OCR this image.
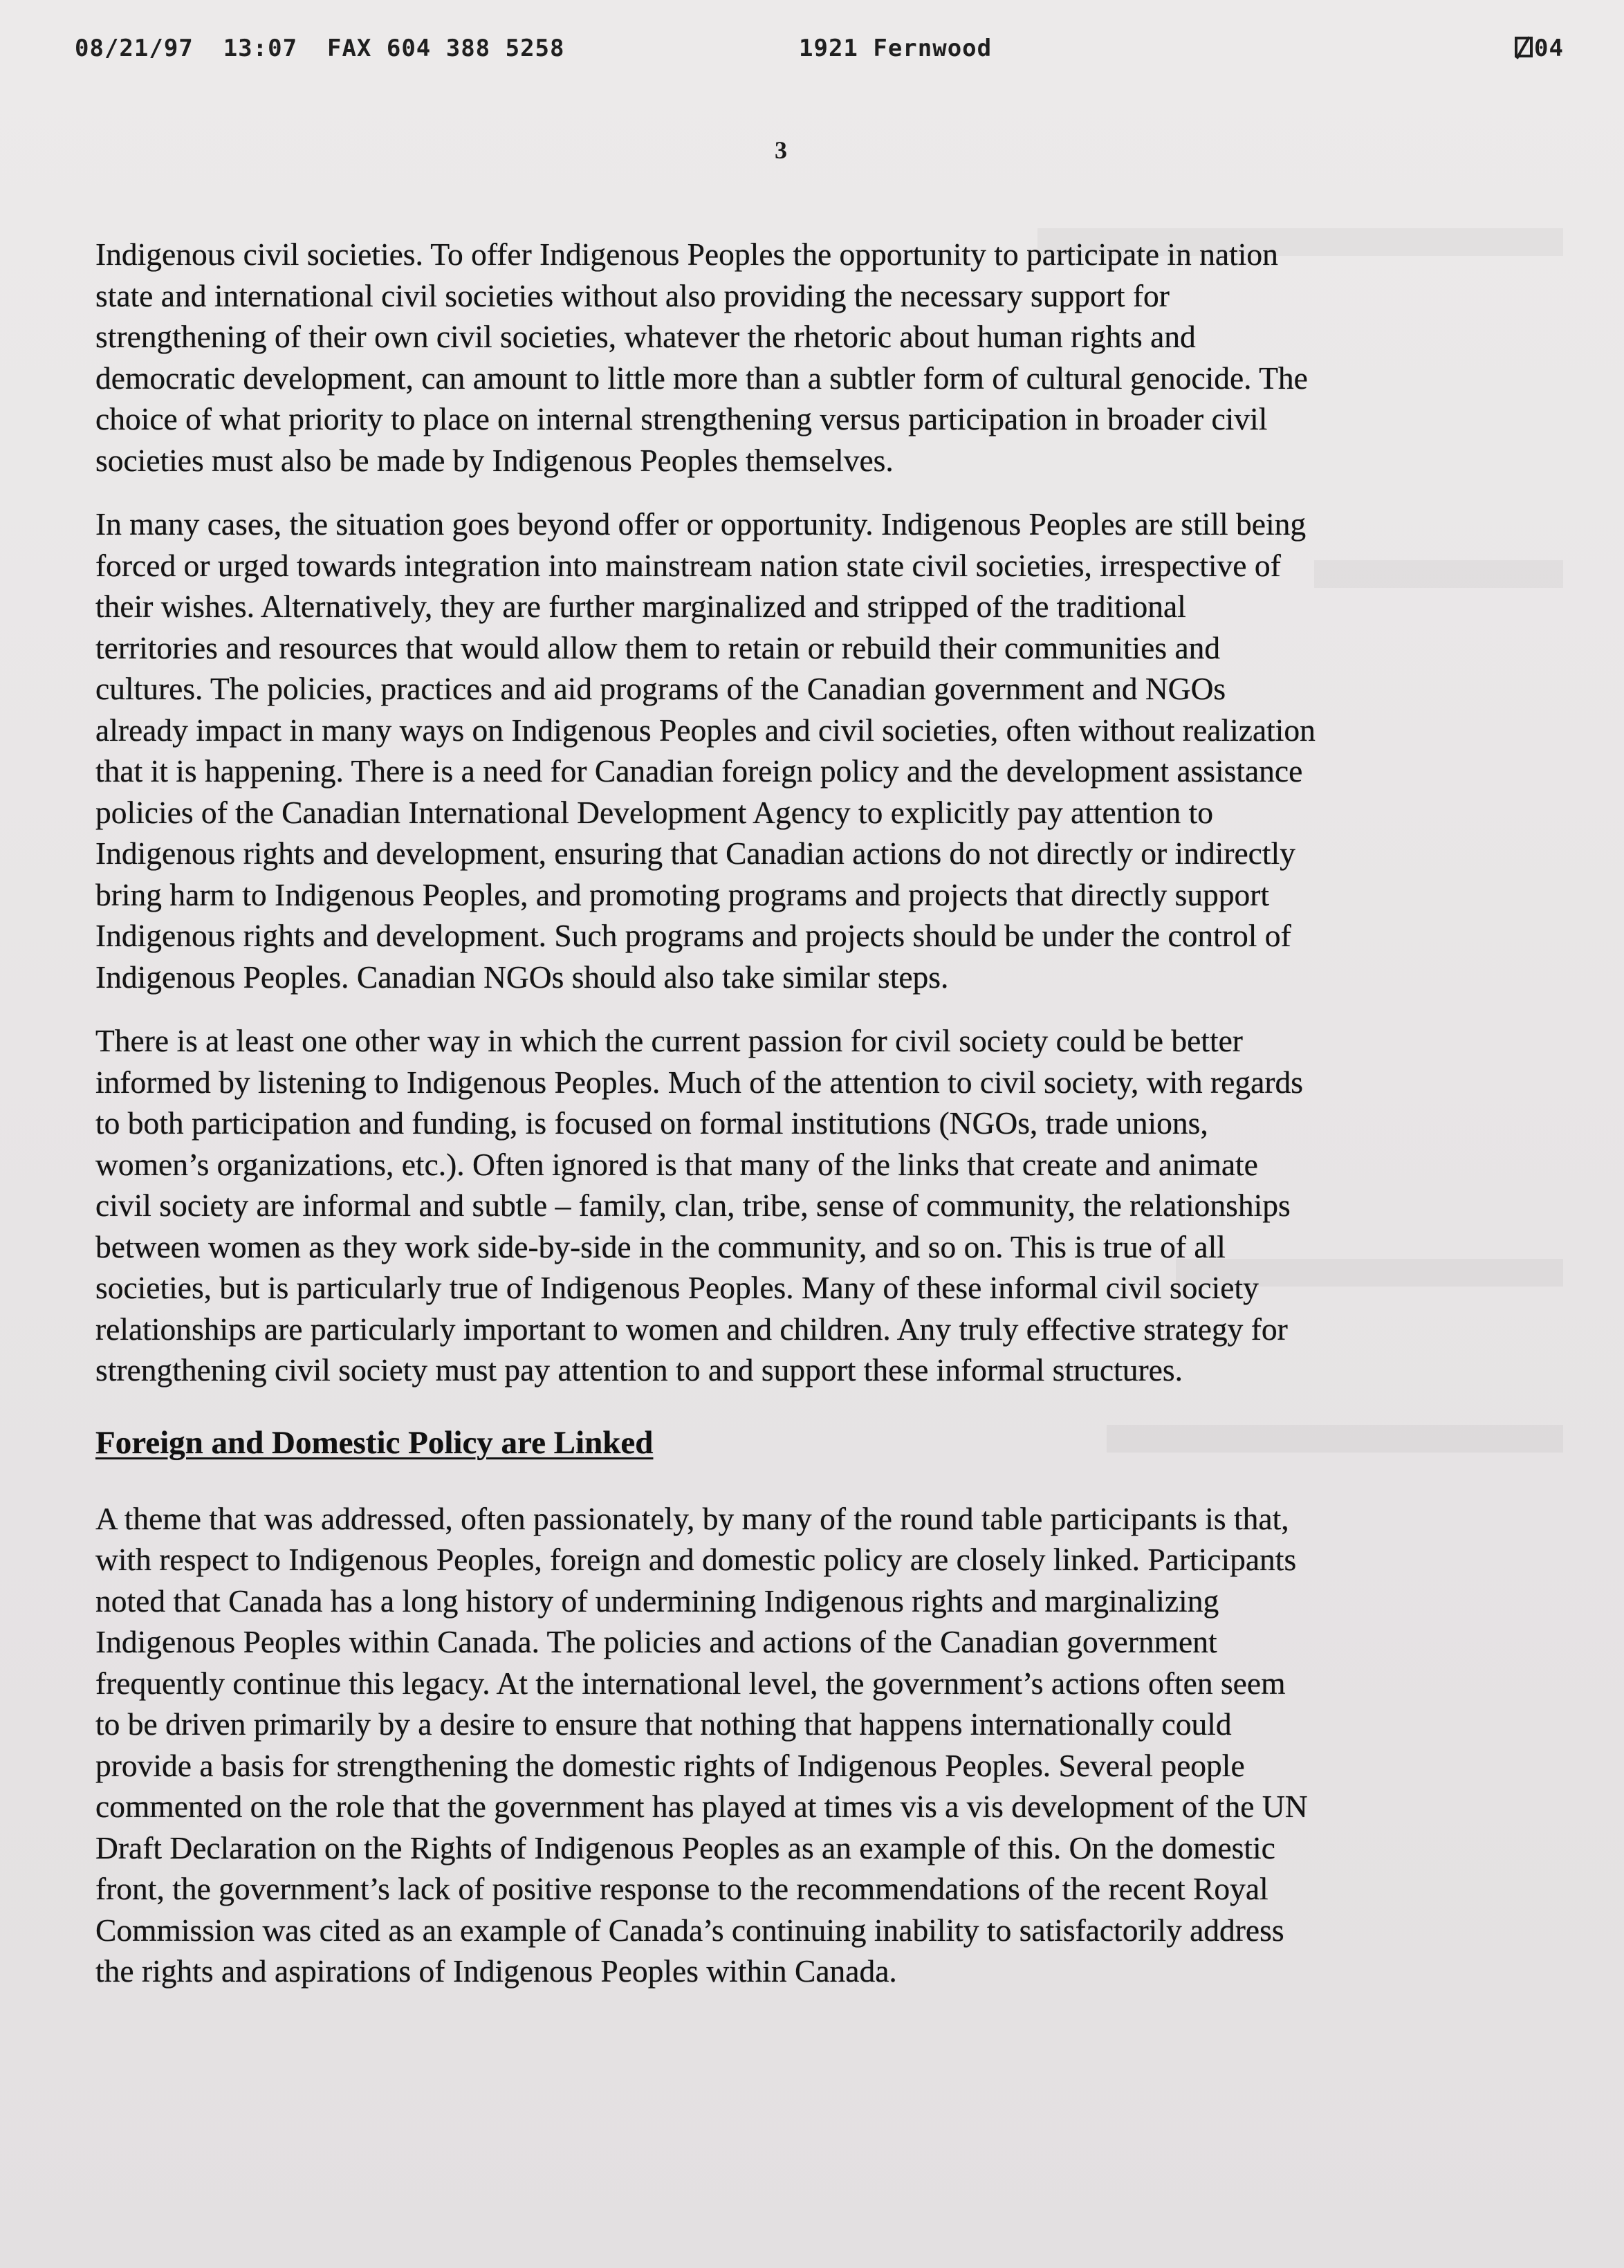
08/21/97  13:07  FAX 604 388 5258	1921 Fernwood	04
3

Indigenous civil societies. To offer Indigenous Peoples the opportunity to participate in nation
state and international civil societies without also providing the necessary support for
strengthening of their own civil societies, whatever the rhetoric about human rights and
democratic development, can amount to little more than a subtler form of cultural genocide. The
choice of what priority to place on internal strengthening versus participation in broader civil
societies must also be made by Indigenous Peoples themselves.

In many cases, the situation goes beyond offer or opportunity. Indigenous Peoples are still being
forced or urged towards integration into mainstream nation state civil societies, irrespective of
their wishes. Alternatively, they are further marginalized and stripped of the traditional
territories and resources that would allow them to retain or rebuild their communities and
cultures. The policies, practices and aid programs of the Canadian government and NGOs
already impact in many ways on Indigenous Peoples and civil societies, often without realization
that it is happening. There is a need for Canadian foreign policy and the development assistance
policies of the Canadian International Development Agency to explicitly pay attention to
Indigenous rights and development, ensuring that Canadian actions do not directly or indirectly
bring harm to Indigenous Peoples, and promoting programs and projects that directly support
Indigenous rights and development. Such programs and projects should be under the control of
Indigenous Peoples. Canadian NGOs should also take similar steps.

There is at least one other way in which the current passion for civil society could be better
informed by listening to Indigenous Peoples. Much of the attention to civil society, with regards
to both participation and funding, is focused on formal institutions (NGOs, trade unions,
women’s organizations, etc.). Often ignored is that many of the links that create and animate
civil society are informal and subtle – family, clan, tribe, sense of community, the relationships
between women as they work side-by-side in the community, and so on. This is true of all
societies, but is particularly true of Indigenous Peoples. Many of these informal civil society
relationships are particularly important to women and children. Any truly effective strategy for
strengthening civil society must pay attention to and support these informal structures.

Foreign and Domestic Policy are Linked

A theme that was addressed, often passionately, by many of the round table participants is that,
with respect to Indigenous Peoples, foreign and domestic policy are closely linked. Participants
noted that Canada has a long history of undermining Indigenous rights and marginalizing
Indigenous Peoples within Canada. The policies and actions of the Canadian government
frequently continue this legacy. At the international level, the government’s actions often seem
to be driven primarily by a desire to ensure that nothing that happens internationally could
provide a basis for strengthening the domestic rights of Indigenous Peoples. Several people
commented on the role that the government has played at times vis a vis development of the UN
Draft Declaration on the Rights of Indigenous Peoples as an example of this. On the domestic
front, the government’s lack of positive response to the recommendations of the recent Royal
Commission was cited as an example of Canada’s continuing inability to satisfactorily address
the rights and aspirations of Indigenous Peoples within Canada.
